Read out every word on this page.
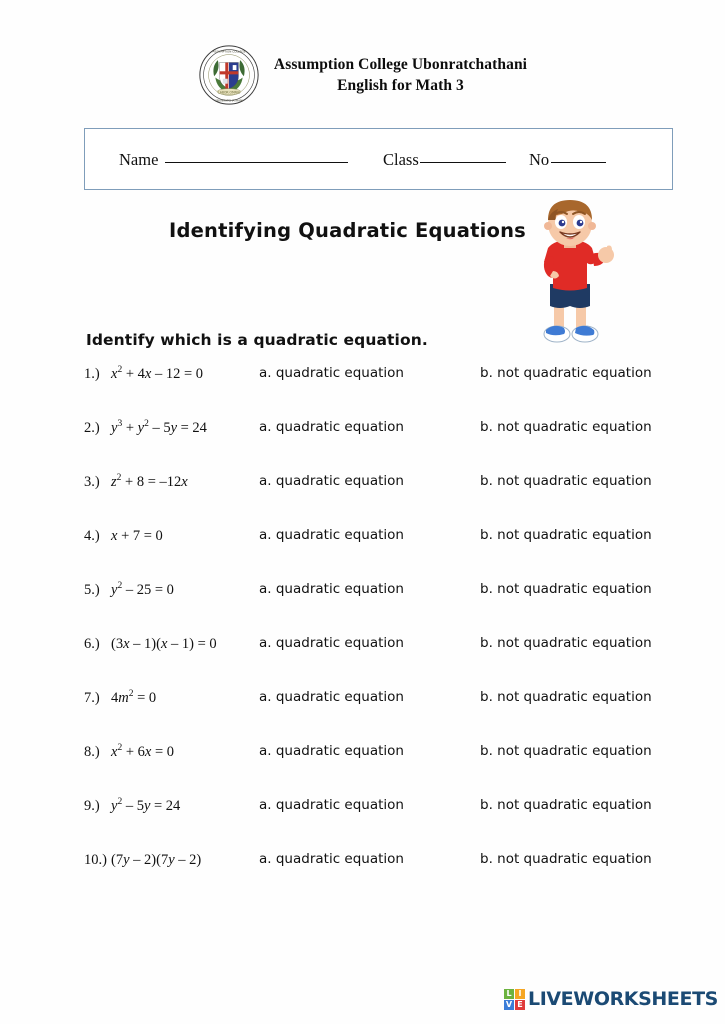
LABOR OMNIA
ASSUMPTION COLLEGE
UBONRATCHATHANI
Assumption College Ubonratchathani
English for Math 3
Name	Class	No
Identifying Quadratic Equations
Identify which is a quadratic equation.
1.) $x^2 + 4x - 12 = 0$	a. quadratic equation	b. not quadratic equation
2.) $y^3 + y^2 - 5y = 24$	a. quadratic equation	b. not quadratic equation
3.) $z^2 + 8 = -12x$	a. quadratic equation	b. not quadratic equation
4.) x + 7 = 0	a. quadratic equation	b. not quadratic equation
5.) $y^2 - 25 = 0$	a. quadratic equation	b. not quadratic equation
6.) (3x – 1)(x – 1) = 0	a. quadratic equation	b. not quadratic equation
7.) $4m^2 = 0$	a. quadratic equation	b. not quadratic equation
8.) $x^2 + 6x = 0$	a. quadratic equation	b. not quadratic equation
9.) $y^2 - 5y = 24$	a. quadratic equation	b. not quadratic equation
10.) (7y – 2)(7y – 2)	a. quadratic equation	b. not quadratic equation
L I
V E LIVEWORKSHEETS
